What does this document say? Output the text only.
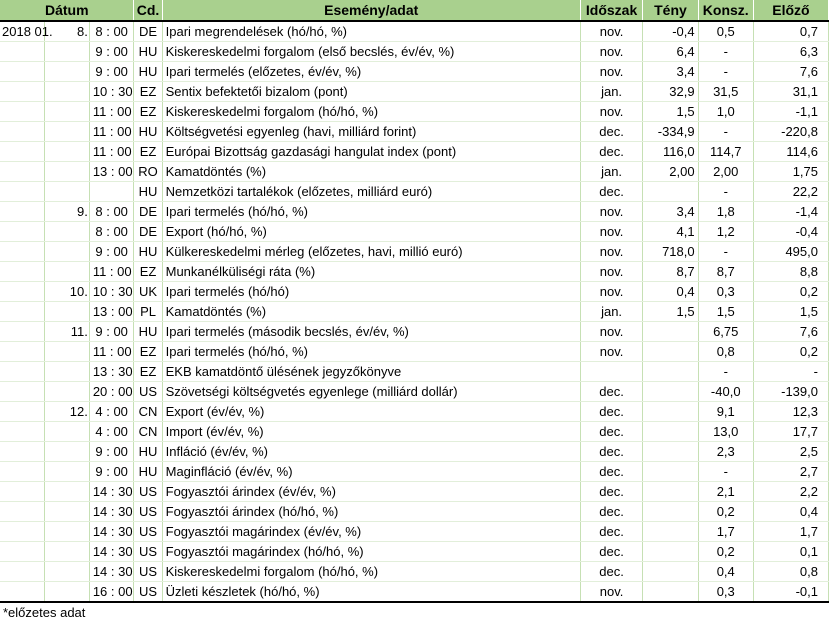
Dátum			Cd.	Esemény/adat	Időszak	Tény	Konsz.	Előző
2018 01.	8.	8 : 00	DE	Ipari megrendelések (hó/hó, %)	nov.	-0,4	0,5	0,7
		9 : 00	HU	Kiskereskedelmi forgalom (első becslés, év/év, %)	nov.	6,4	-	6,3
		9 : 00	HU	Ipari termelés (előzetes, év/év, %)	nov.	3,4	-	7,6
		10 : 30	EZ	Sentix befektetői bizalom (pont)	jan.	32,9	31,5	31,1
		11 : 00	EZ	Kiskereskedelmi forgalom (hó/hó, %)	nov.	1,5	1,0	-1,1
		11 : 00	HU	Költségvetési egyenleg (havi, milliárd forint)	dec.	-334,9	-	-220,8
		11 : 00	EZ	Európai Bizottság gazdasági hangulat index (pont)	dec.	116,0	114,7	114,6
		13 : 00	RO	Kamatdöntés (%)	jan.	2,00	2,00	1,75
			HU	Nemzetközi tartalékok (előzetes, milliárd euró)	dec.		-	22,2
	9.	8 : 00	DE	Ipari termelés (hó/hó, %)	nov.	3,4	1,8	-1,4
		8 : 00	DE	Export (hó/hó, %)	nov.	4,1	1,2	-0,4
		9 : 00	HU	Külkereskedelmi mérleg (előzetes, havi, millió euró)	nov.	718,0	-	495,0
		11 : 00	EZ	Munkanélküliségi ráta (%)	nov.	8,7	8,7	8,8
	10.	10 : 30	UK	Ipari termelés (hó/hó)	nov.	0,4	0,3	0,2
		13 : 00	PL	Kamatdöntés (%)	jan.	1,5	1,5	1,5
	11.	9 : 00	HU	Ipari termelés (második becslés, év/év, %)	nov.		6,75	7,6
		11 : 00	EZ	Ipari termelés (hó/hó, %)	nov.		0,8	0,2
		13 : 30	EZ	EKB kamatdöntő ülésének jegyzőkönyve			-	-
		20 : 00	US	Szövetségi költségvetés egyenlege (milliárd dollár)	dec.		-40,0	-139,0
	12.	4 : 00	CN	Export (év/év, %)	dec.		9,1	12,3
		4 : 00	CN	Import (év/év, %)	dec.		13,0	17,7
		9 : 00	HU	Infláció (év/év, %)	dec.		2,3	2,5
		9 : 00	HU	Maginfláció (év/év, %)	dec.		-	2,7
		14 : 30	US	Fogyasztói árindex (év/év, %)	dec.		2,1	2,2
		14 : 30	US	Fogyasztói árindex (hó/hó, %)	dec.		0,2	0,4
		14 : 30	US	Fogyasztói magárindex (év/év, %)	dec.		1,7	1,7
		14 : 30	US	Fogyasztói magárindex (hó/hó, %)	dec.		0,2	0,1
		14 : 30	US	Kiskereskedelmi forgalom (hó/hó, %)	dec.		0,4	0,8
		16 : 00	US	Üzleti készletek (hó/hó, %)	nov.		0,3	-0,1
*előzetes adat
